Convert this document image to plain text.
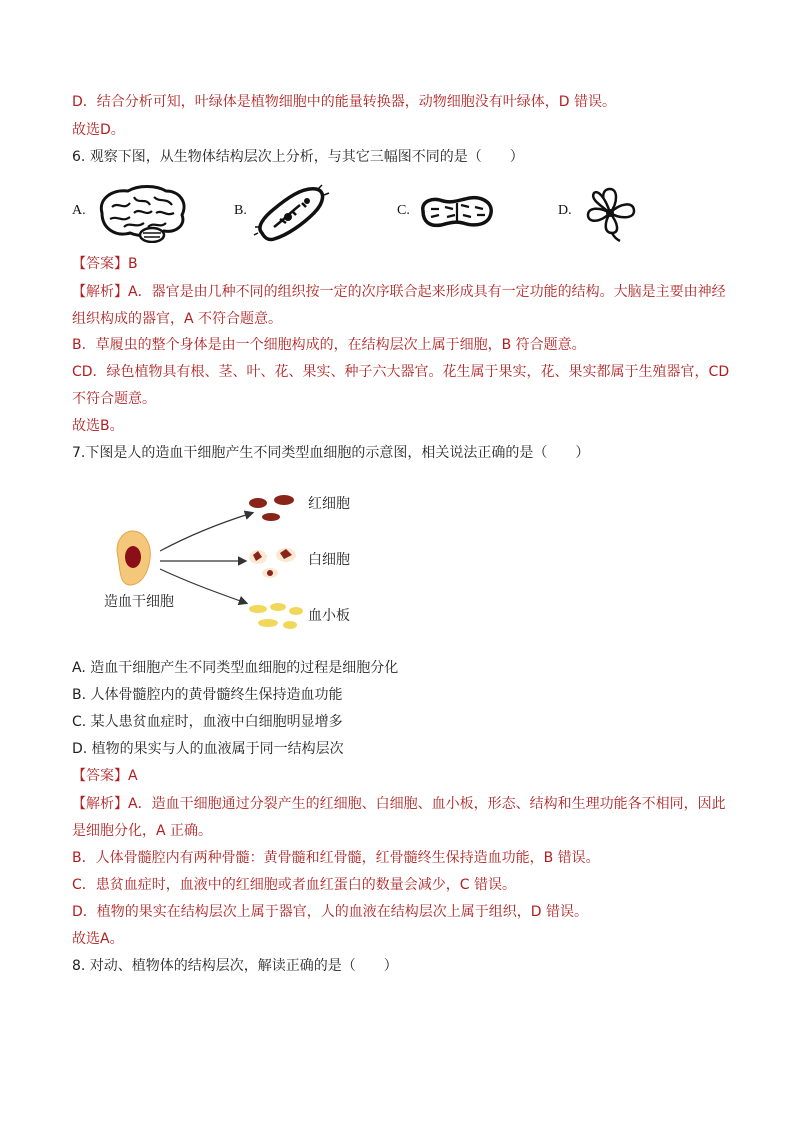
D．结合分析可知，叶绿体是植物细胞中的能量转换器，动物细胞没有叶绿体，D 错误。
故选D。
6. 观察下图，从生物体结构层次上分析，与其它三幅图不同的是（　　）
A.	B.	C.	D.
【答案】B
【解析】A．器官是由几种不同的组织按一定的次序联合起来形成具有一定功能的结构。大脑是主要由神经
组织构成的器官，A 不符合题意。
B．草履虫的整个身体是由一个细胞构成的，在结构层次上属于细胞，B 符合题意。
CD．绿色植物具有根、茎、叶、花、果实、种子六大器官。花生属于果实，花、果实都属于生殖器官，CD
不符合题意。
故选B。
7.下图是人的造血干细胞产生不同类型血细胞的示意图，相关说法正确的是（　　）
造血干细胞
红细胞
白细胞
血小板
A. 造血干细胞产生不同类型血细胞的过程是细胞分化
B. 人体骨髓腔内的黄骨髓终生保持造血功能
C. 某人患贫血症时，血液中白细胞明显增多
D. 植物的果实与人的血液属于同一结构层次
【答案】A
【解析】A．造血干细胞通过分裂产生的红细胞、白细胞、血小板，形态、结构和生理功能各不相同，因此
是细胞分化，A 正确。
B．人体骨髓腔内有两种骨髓：黄骨髓和红骨髓，红骨髓终生保持造血功能，B 错误。
C．患贫血症时，血液中的红细胞或者血红蛋白的数量会减少，C 错误。
D．植物的果实在结构层次上属于器官，人的血液在结构层次上属于组织，D 错误。
故选A。
8. 对动、植物体的结构层次，解读正确的是（　　）
